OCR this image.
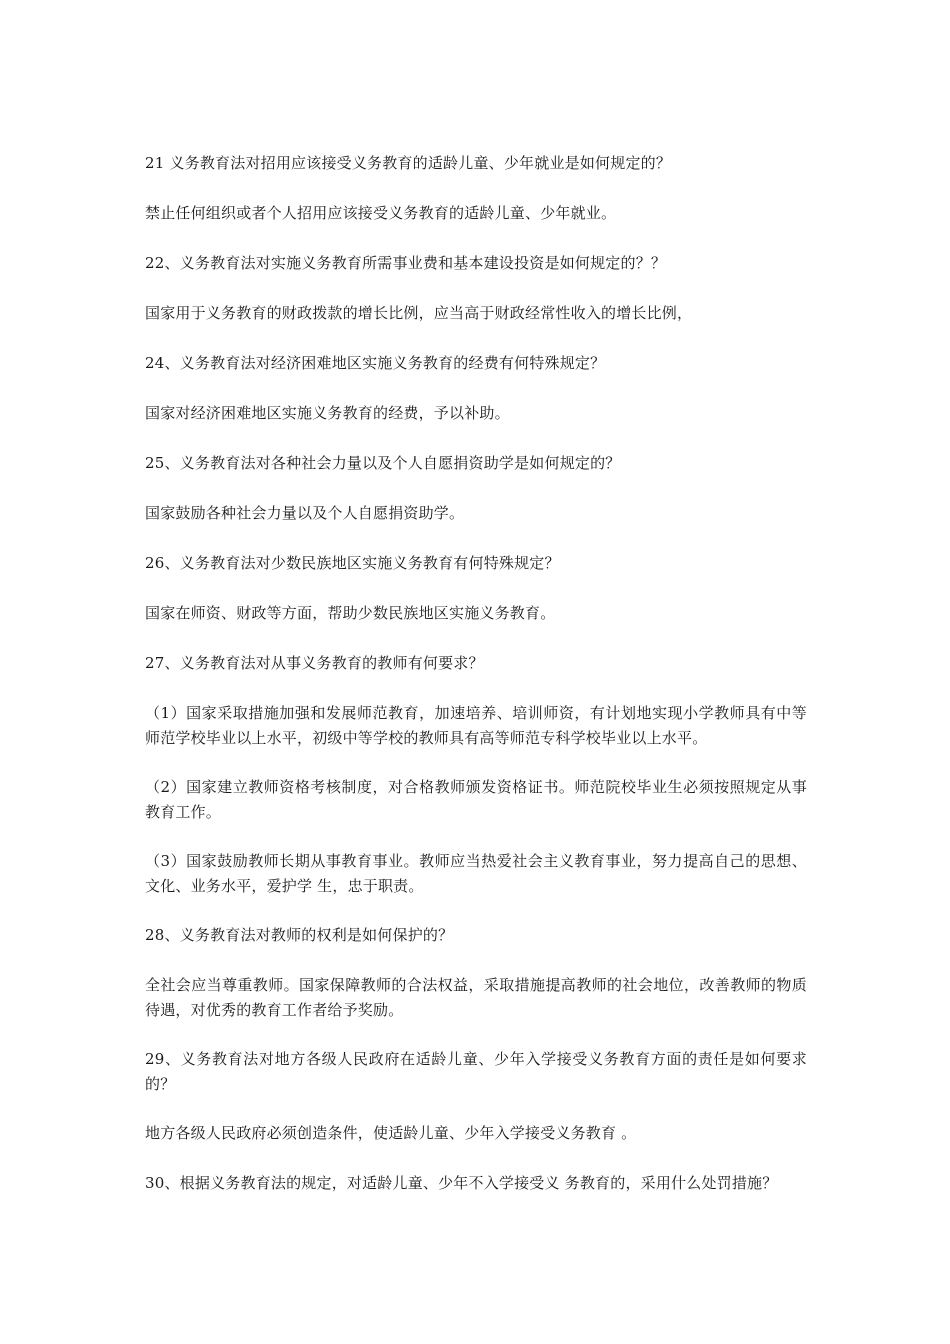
21 义务教育法对招用应该接受义务教育的适龄儿童、少年就业是如何规定的？

禁止任何组织或者个人招用应该接受义务教育的适龄儿童、少年就业。

22、义务教育法对实施义务教育所需事业费和基本建设投资是如何规定的？？

国家用于义务教育的财政拨款的增长比例，应当高于财政经常性收入的增长比例，

24、义务教育法对经济困难地区实施义务教育的经费有何特殊规定？

国家对经济困难地区实施义务教育的经费，予以补助。

25、义务教育法对各种社会力量以及个人自愿捐资助学是如何规定的？

国家鼓励各种社会力量以及个人自愿捐资助学。

26、义务教育法对少数民族地区实施义务教育有何特殊规定？

国家在师资、财政等方面，帮助少数民族地区实施义务教育。

27、义务教育法对从事义务教育的教师有何要求？

（1）国家采取措施加强和发展师范教育，加速培养、培训师资，有计划地实现小学教师具有中等师范学校毕业以上水平，初级中等学校的教师具有高等师范专科学校毕业以上水平。

（2）国家建立教师资格考核制度，对合格教师颁发资格证书。师范院校毕业生必须按照规定从事教育工作。

（3）国家鼓励教师长期从事教育事业。教师应当热爱社会主义教育事业，努力提高自己的思想、文化、业务水平，爱护学 生，忠于职责。

28、义务教育法对教师的权利是如何保护的？

全社会应当尊重教师。国家保障教师的合法权益，采取措施提高教师的社会地位，改善教师的物质待遇，对优秀的教育工作者给予奖励。

29、义务教育法对地方各级人民政府在适龄儿童、少年入学接受义务教育方面的责任是如何要求的？

地方各级人民政府必须创造条件，使适龄儿童、少年入学接受义务教育 。

30、根据义务教育法的规定，对适龄儿童、少年不入学接受义 务教育的，采用什么处罚措施？
